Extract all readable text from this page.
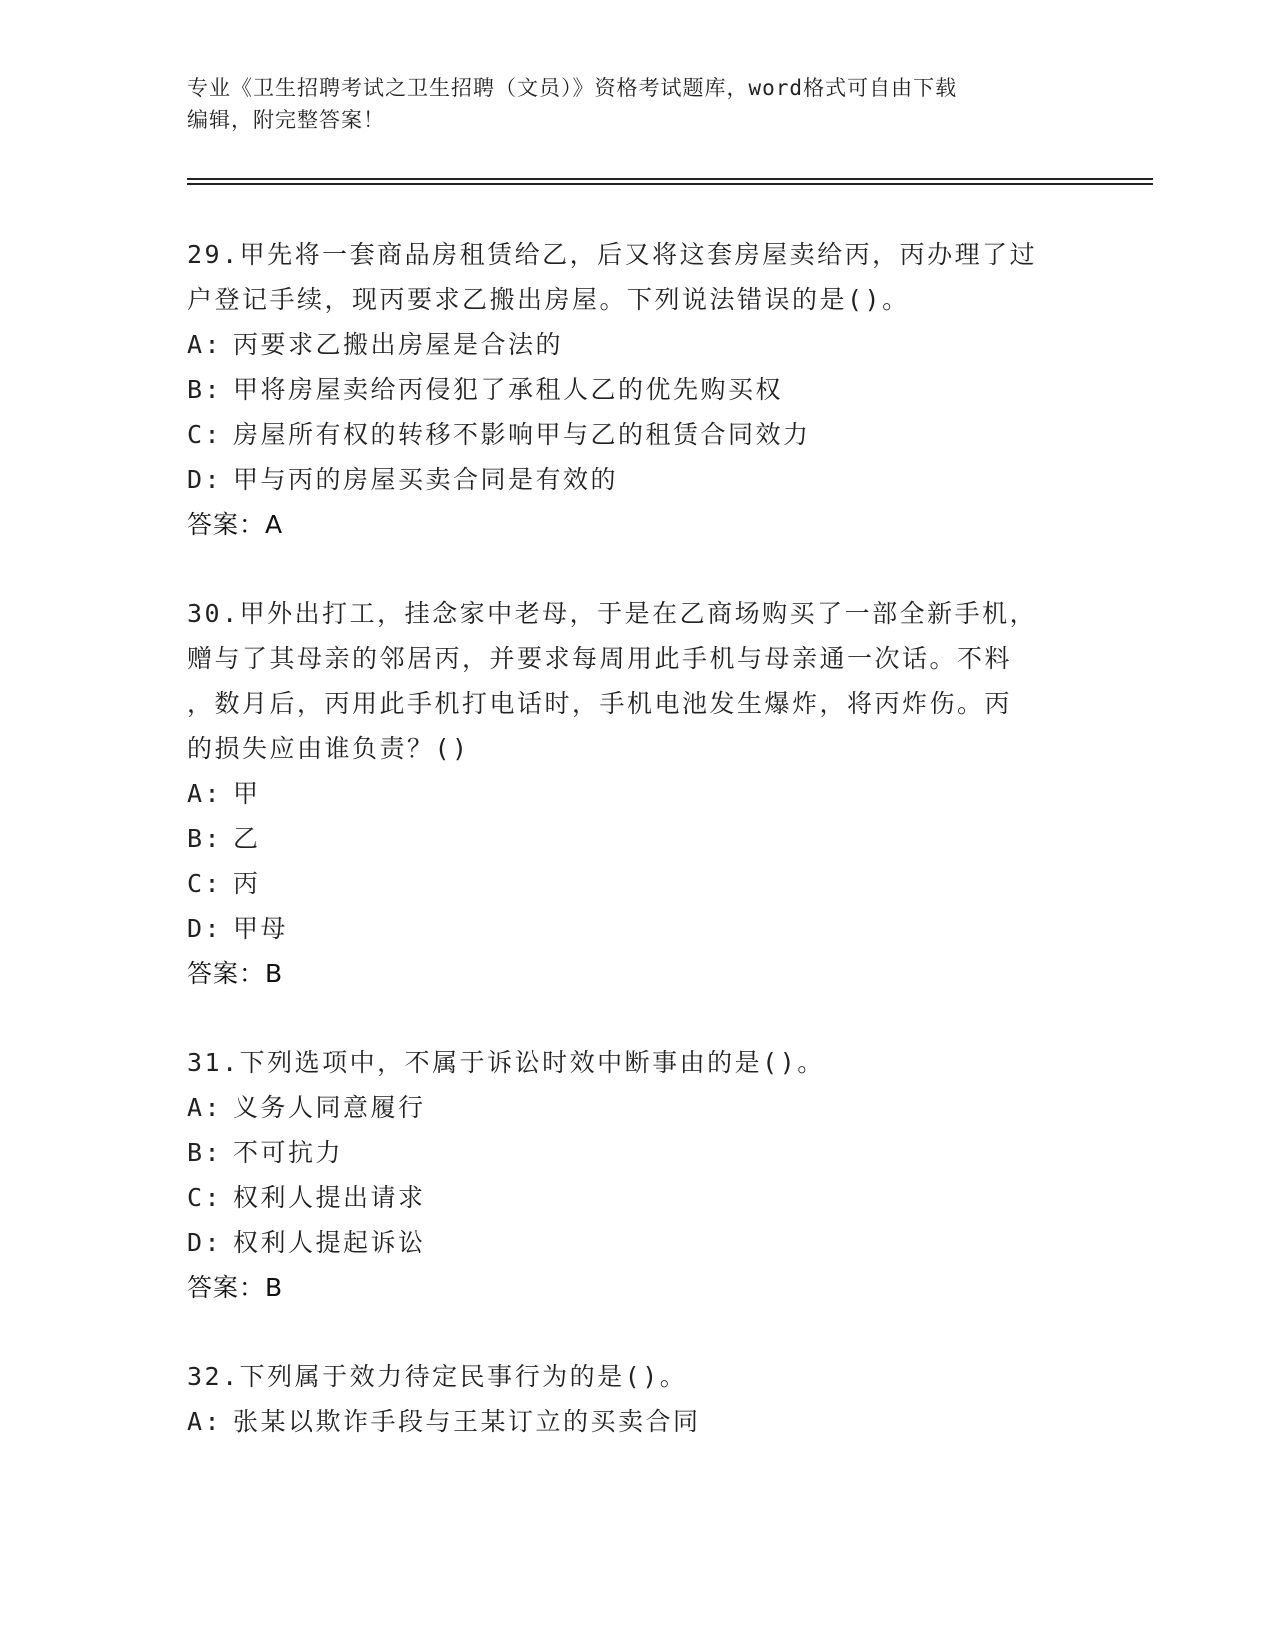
专业《卫生招聘考试之卫生招聘（文员）》资格考试题库，word格式可自由下载
编辑，附完整答案！
29.甲先将一套商品房租赁给乙，后又将这套房屋卖给丙，丙办理了过
户登记手续，现丙要求乙搬出房屋。下列说法错误的是()。
A: 丙要求乙搬出房屋是合法的
B: 甲将房屋卖给丙侵犯了承租人乙的优先购买权
C: 房屋所有权的转移不影响甲与乙的租赁合同效力
D: 甲与丙的房屋买卖合同是有效的
答案：A
30.甲外出打工，挂念家中老母，于是在乙商场购买了一部全新手机，
赠与了其母亲的邻居丙，并要求每周用此手机与母亲通一次话。不料
，数月后，丙用此手机打电话时，手机电池发生爆炸，将丙炸伤。丙
的损失应由谁负责？()
A: 甲
B: 乙
C: 丙
D: 甲母
答案：B
31.下列选项中，不属于诉讼时效中断事由的是()。
A: 义务人同意履行
B: 不可抗力
C: 权利人提出请求
D: 权利人提起诉讼
答案：B
32.下列属于效力待定民事行为的是()。
A: 张某以欺诈手段与王某订立的买卖合同
